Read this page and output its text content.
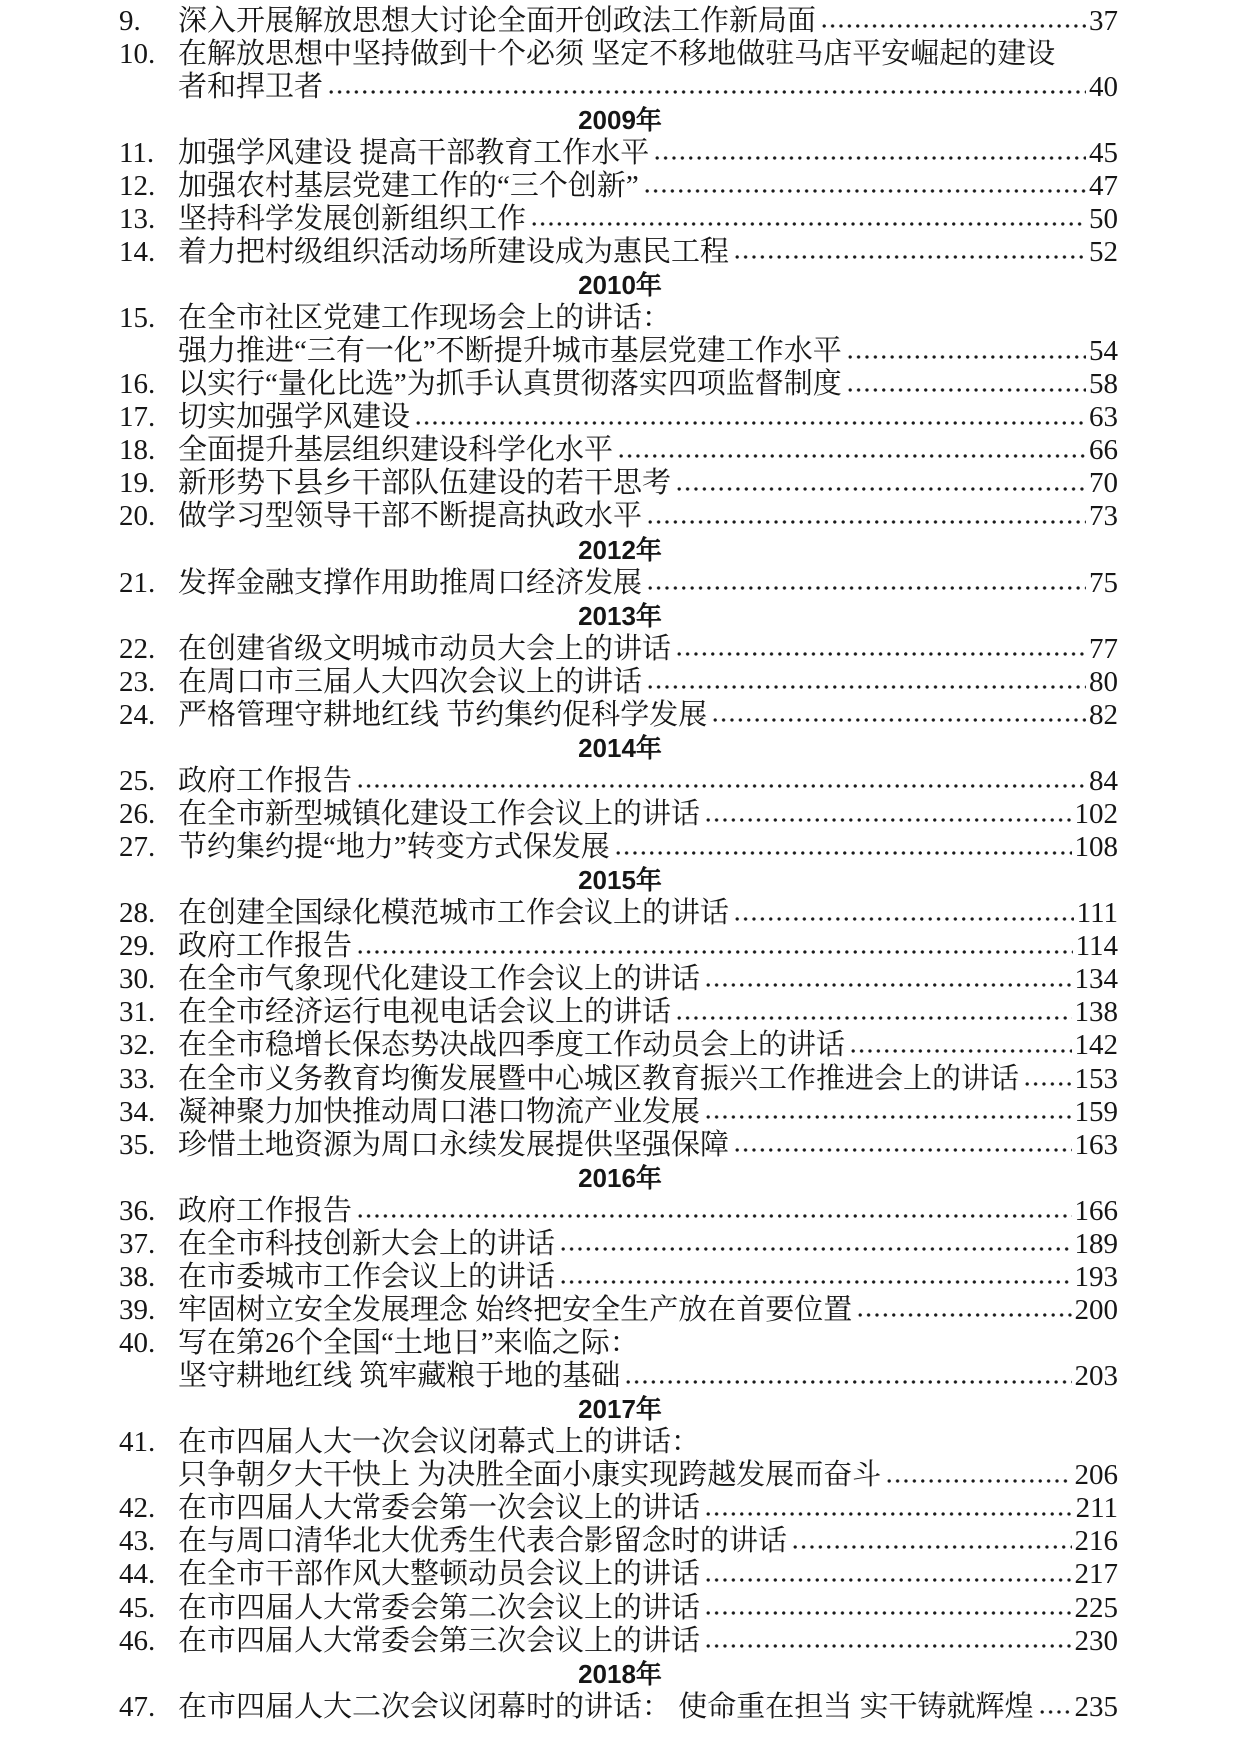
9.	深入开展解放思想大讨论全面开创政法工作新局面	37
10. 在解放思想中坚持做到十个必须 坚定不移地做驻马店平安崛起的建设
者和捍卫者	40
2009年
11. 加强学风建设 提高干部教育工作水平	45
12. 加强农村基层党建工作的“三个创新”	47
13. 坚持科学发展创新组织工作	50
14. 着力把村级组织活动场所建设成为惠民工程	52
2010年
15. 在全市社区党建工作现场会上的讲话：
强力推进“三有一化”不断提升城市基层党建工作水平	54
16. 以实行“量化比选”为抓手认真贯彻落实四项监督制度	58
17. 切实加强学风建设	63
18. 全面提升基层组织建设科学化水平	66
19. 新形势下县乡干部队伍建设的若干思考	70
20. 做学习型领导干部不断提高执政水平	73
2012年
21. 发挥金融支撑作用助推周口经济发展	75
2013年
22. 在创建省级文明城市动员大会上的讲话	77
23. 在周口市三届人大四次会议上的讲话	80
24. 严格管理守耕地红线 节约集约促科学发展	82
2014年
25. 政府工作报告	84
26. 在全市新型城镇化建设工作会议上的讲话	102
27. 节约集约提“地力”转变方式保发展	108
2015年
28. 在创建全国绿化模范城市工作会议上的讲话	111
29. 政府工作报告	114
30. 在全市气象现代化建设工作会议上的讲话	134
31. 在全市经济运行电视电话会议上的讲话	138
32. 在全市稳增长保态势决战四季度工作动员会上的讲话	142
33. 在全市义务教育均衡发展暨中心城区教育振兴工作推进会上的讲话 153
34. 凝神聚力加快推动周口港口物流产业发展	159
35. 珍惜土地资源为周口永续发展提供坚强保障	163
2016年
36. 政府工作报告	166
37. 在全市科技创新大会上的讲话	189
38. 在市委城市工作会议上的讲话	193
39. 牢固树立安全发展理念 始终把安全生产放在首要位置	200
40. 写在第26个全国“土地日”来临之际：
坚守耕地红线 筑牢藏粮于地的基础	203
2017年
41. 在市四届人大一次会议闭幕式上的讲话：
只争朝夕大干快上 为决胜全面小康实现跨越发展而奋斗	206
42. 在市四届人大常委会第一次会议上的讲话	211
43. 在与周口清华北大优秀生代表合影留念时的讲话	216
44. 在全市干部作风大整顿动员会议上的讲话	217
45. 在市四届人大常委会第二次会议上的讲话	225
46. 在市四届人大常委会第三次会议上的讲话	230
2018年
47. 在市四届人大二次会议闭幕时的讲话： 使命重在担当 实干铸就辉煌 235
